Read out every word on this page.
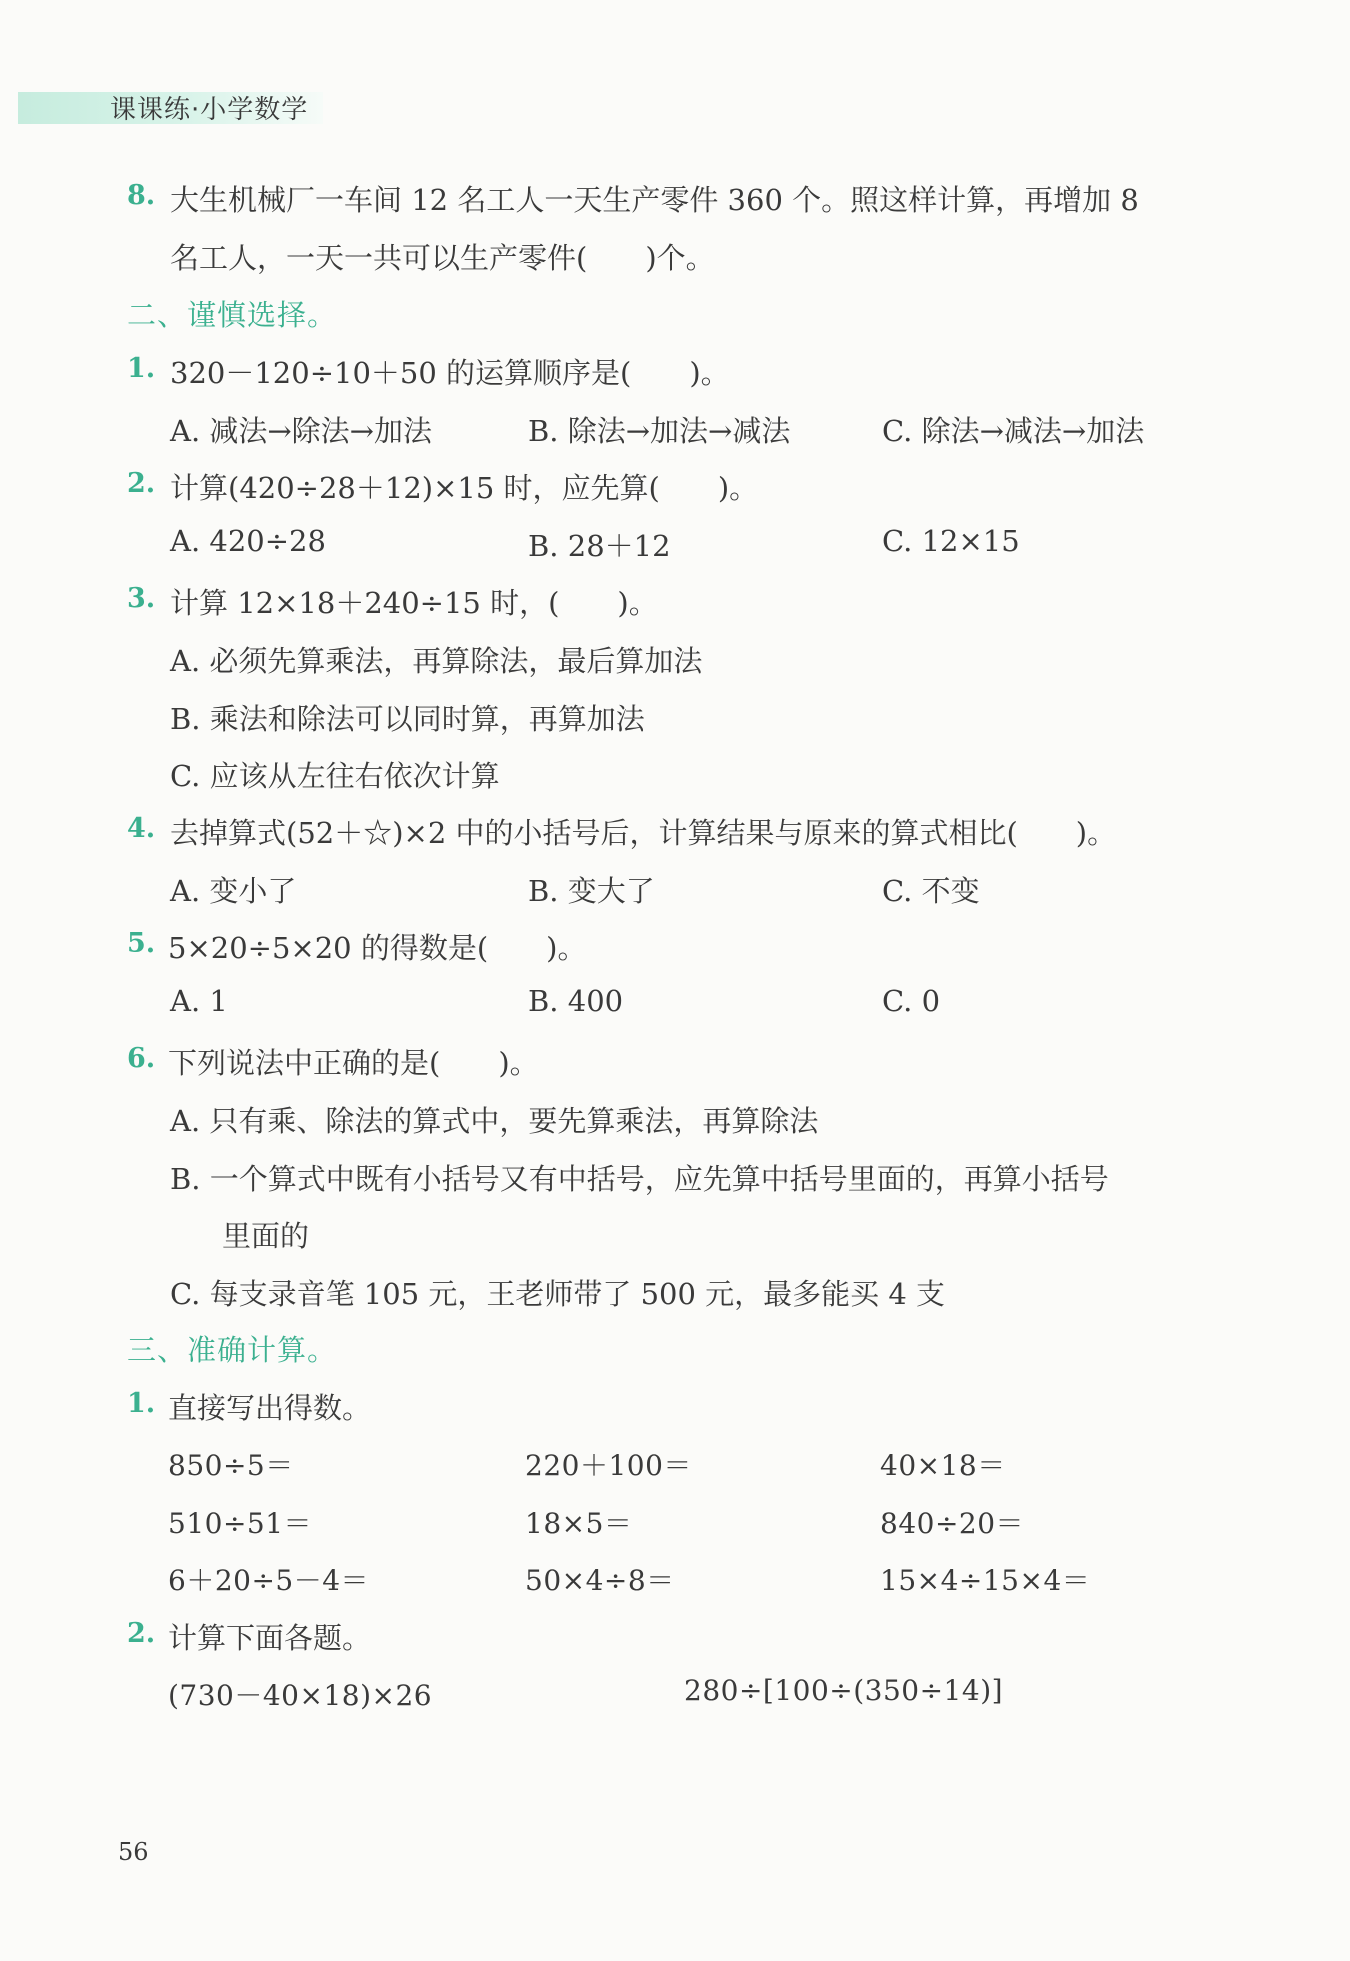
课课练·小学数学
8. 大生机械厂一车间 12 名工人一天生产零件 360 个。照这样计算，再增加 8
名工人，一天一共可以生产零件(　　)个。
二、谨慎选择。
1. 320－120÷10＋50 的运算顺序是(　　)。
A. 减法→除法→加法	B. 除法→加法→减法	C. 除法→减法→加法
2. 计算(420÷28＋12)×15 时，应先算(　　)。
A. 420÷28	B. 28＋12	C. 12×15
3. 计算 12×18＋240÷15 时，(　　)。
A. 必须先算乘法，再算除法，最后算加法
B. 乘法和除法可以同时算，再算加法
C. 应该从左往右依次计算
4. 去掉算式(52＋☆)×2 中的小括号后，计算结果与原来的算式相比(　　)。
A. 变小了	B. 变大了	C. 不变
5. 5×20÷5×20 的得数是(　　)。
A. 1	B. 400	C. 0
6. 下列说法中正确的是(　　)。
A. 只有乘、除法的算式中，要先算乘法，再算除法
B. 一个算式中既有小括号又有中括号，应先算中括号里面的，再算小括号
里面的
C. 每支录音笔 105 元，王老师带了 500 元，最多能买 4 支
三、准确计算。
1. 直接写出得数。
850÷5＝	220＋100＝	40×18＝
510÷51＝	18×5＝	840÷20＝
6＋20÷5－4＝	50×4÷8＝	15×4÷15×4＝
2. 计算下面各题。
(730－40×18)×26	280÷[100÷(350÷14)]
56
